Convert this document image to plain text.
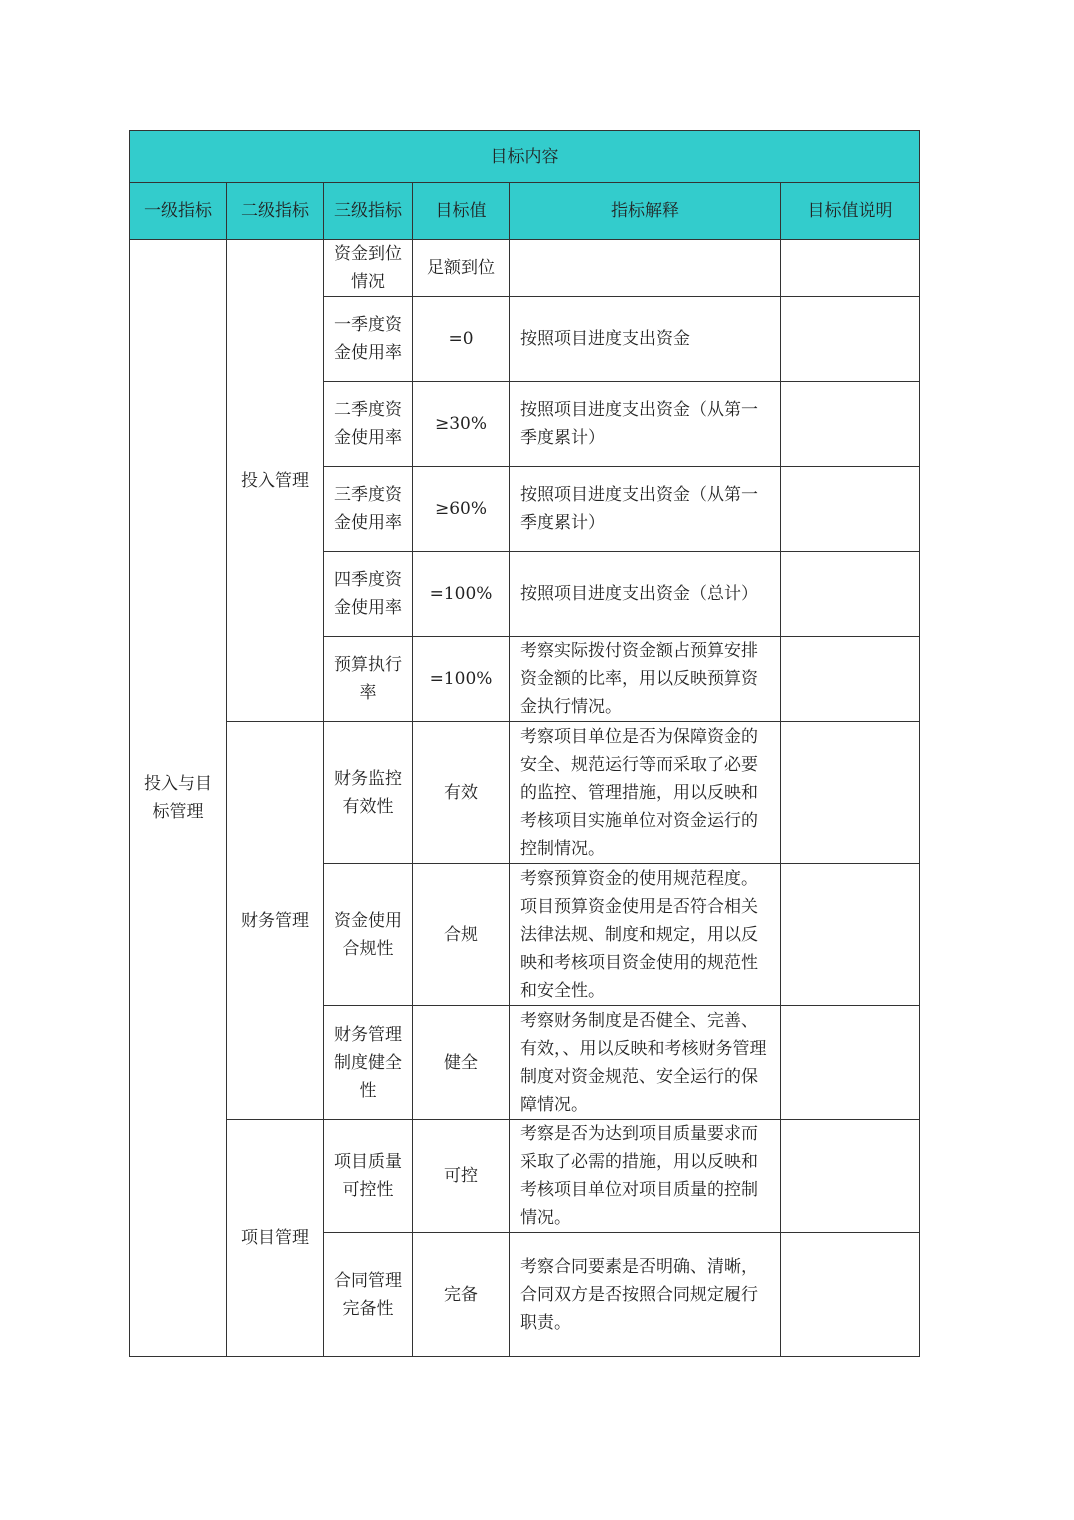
目标内容					
一级指标	二级指标	三级指标	目标值	指标解释	目标值说明
投入与目标管理	投入管理	资金到位情况	足额到位		
		一季度资金使用率	=0	按照项目进度支出资金	
		二季度资金使用率	≥30%	按照项目进度支出资金（从第一季度累计）	
		三季度资金使用率	≥60%	按照项目进度支出资金（从第一季度累计）	
		四季度资金使用率	=100%	按照项目进度支出资金（总计）	
		预算执行率	=100%	考察实际拨付资金额占预算安排资金额的比率，用以反映预算资金执行情况。	
	财务管理	财务监控有效性	有效	考察项目单位是否为保障资金的安全、规范运行等而采取了必要的监控、管理措施，用以反映和考核项目实施单位对资金运行的控制情况。	
		资金使用合规性	合规	考察预算资金的使用规范程度。项目预算资金使用是否符合相关法律法规、制度和规定，用以反映和考核项目资金使用的规范性和安全性。	
		财务管理制度健全性	健全	考察财务制度是否健全、完善、有效，、用以反映和考核财务管理制度对资金规范、安全运行的保障情况。	
	项目管理	项目质量可控性	可控	考察是否为达到项目质量要求而采取了必需的措施，用以反映和考核项目单位对项目质量的控制情况。	
		合同管理完备性	完备	考察合同要素是否明确、清晰，合同双方是否按照合同规定履行职责。	
